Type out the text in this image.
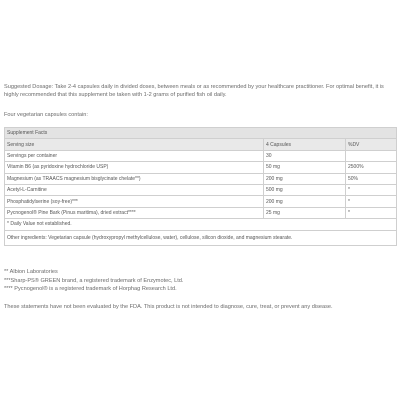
Suggested Dosage: Take 2-4 capsules daily in divided doses, between meals or as recommended by your healthcare practitioner. For optimal benefit, it is highly recommended that this supplement be taken with 1-2 grams of purified fish oil daily.

Four vegetarian capsules contain:

Supplement Facts		
Serving size	4 Capsules	%DV
Servings per container	30	
Vitamin B6 (as pyridoxine hydrochloride USP)	50 mg	2500%
Magnesium (as TRAACS magnesium bisglycinate chelate**)	200 mg	50%
Acetyl-L-Carnitine	500 mg	*
Phosphatidylserine (soy-free)***	200 mg	*
Pycnogenol® Pine Bark (Pinus maritima), dried extract****	25 mg	*
* Daily Value not established.		
Other ingredients: Vegetarian capsule (hydroxypropyl methylcellulose, water), cellulose, silicon dioxide, and magnesium stearate.		

** Albion Laboratories

***Sharp-PS® GREEN brand, a registered trademark of Enzymotec, Ltd.

**** Pycnogenol® is a registered trademark of Horphag Research Ltd.

These statements have not been evaluated by the FDA. This product is not intended to diagnose, cure, treat, or prevent any disease.
